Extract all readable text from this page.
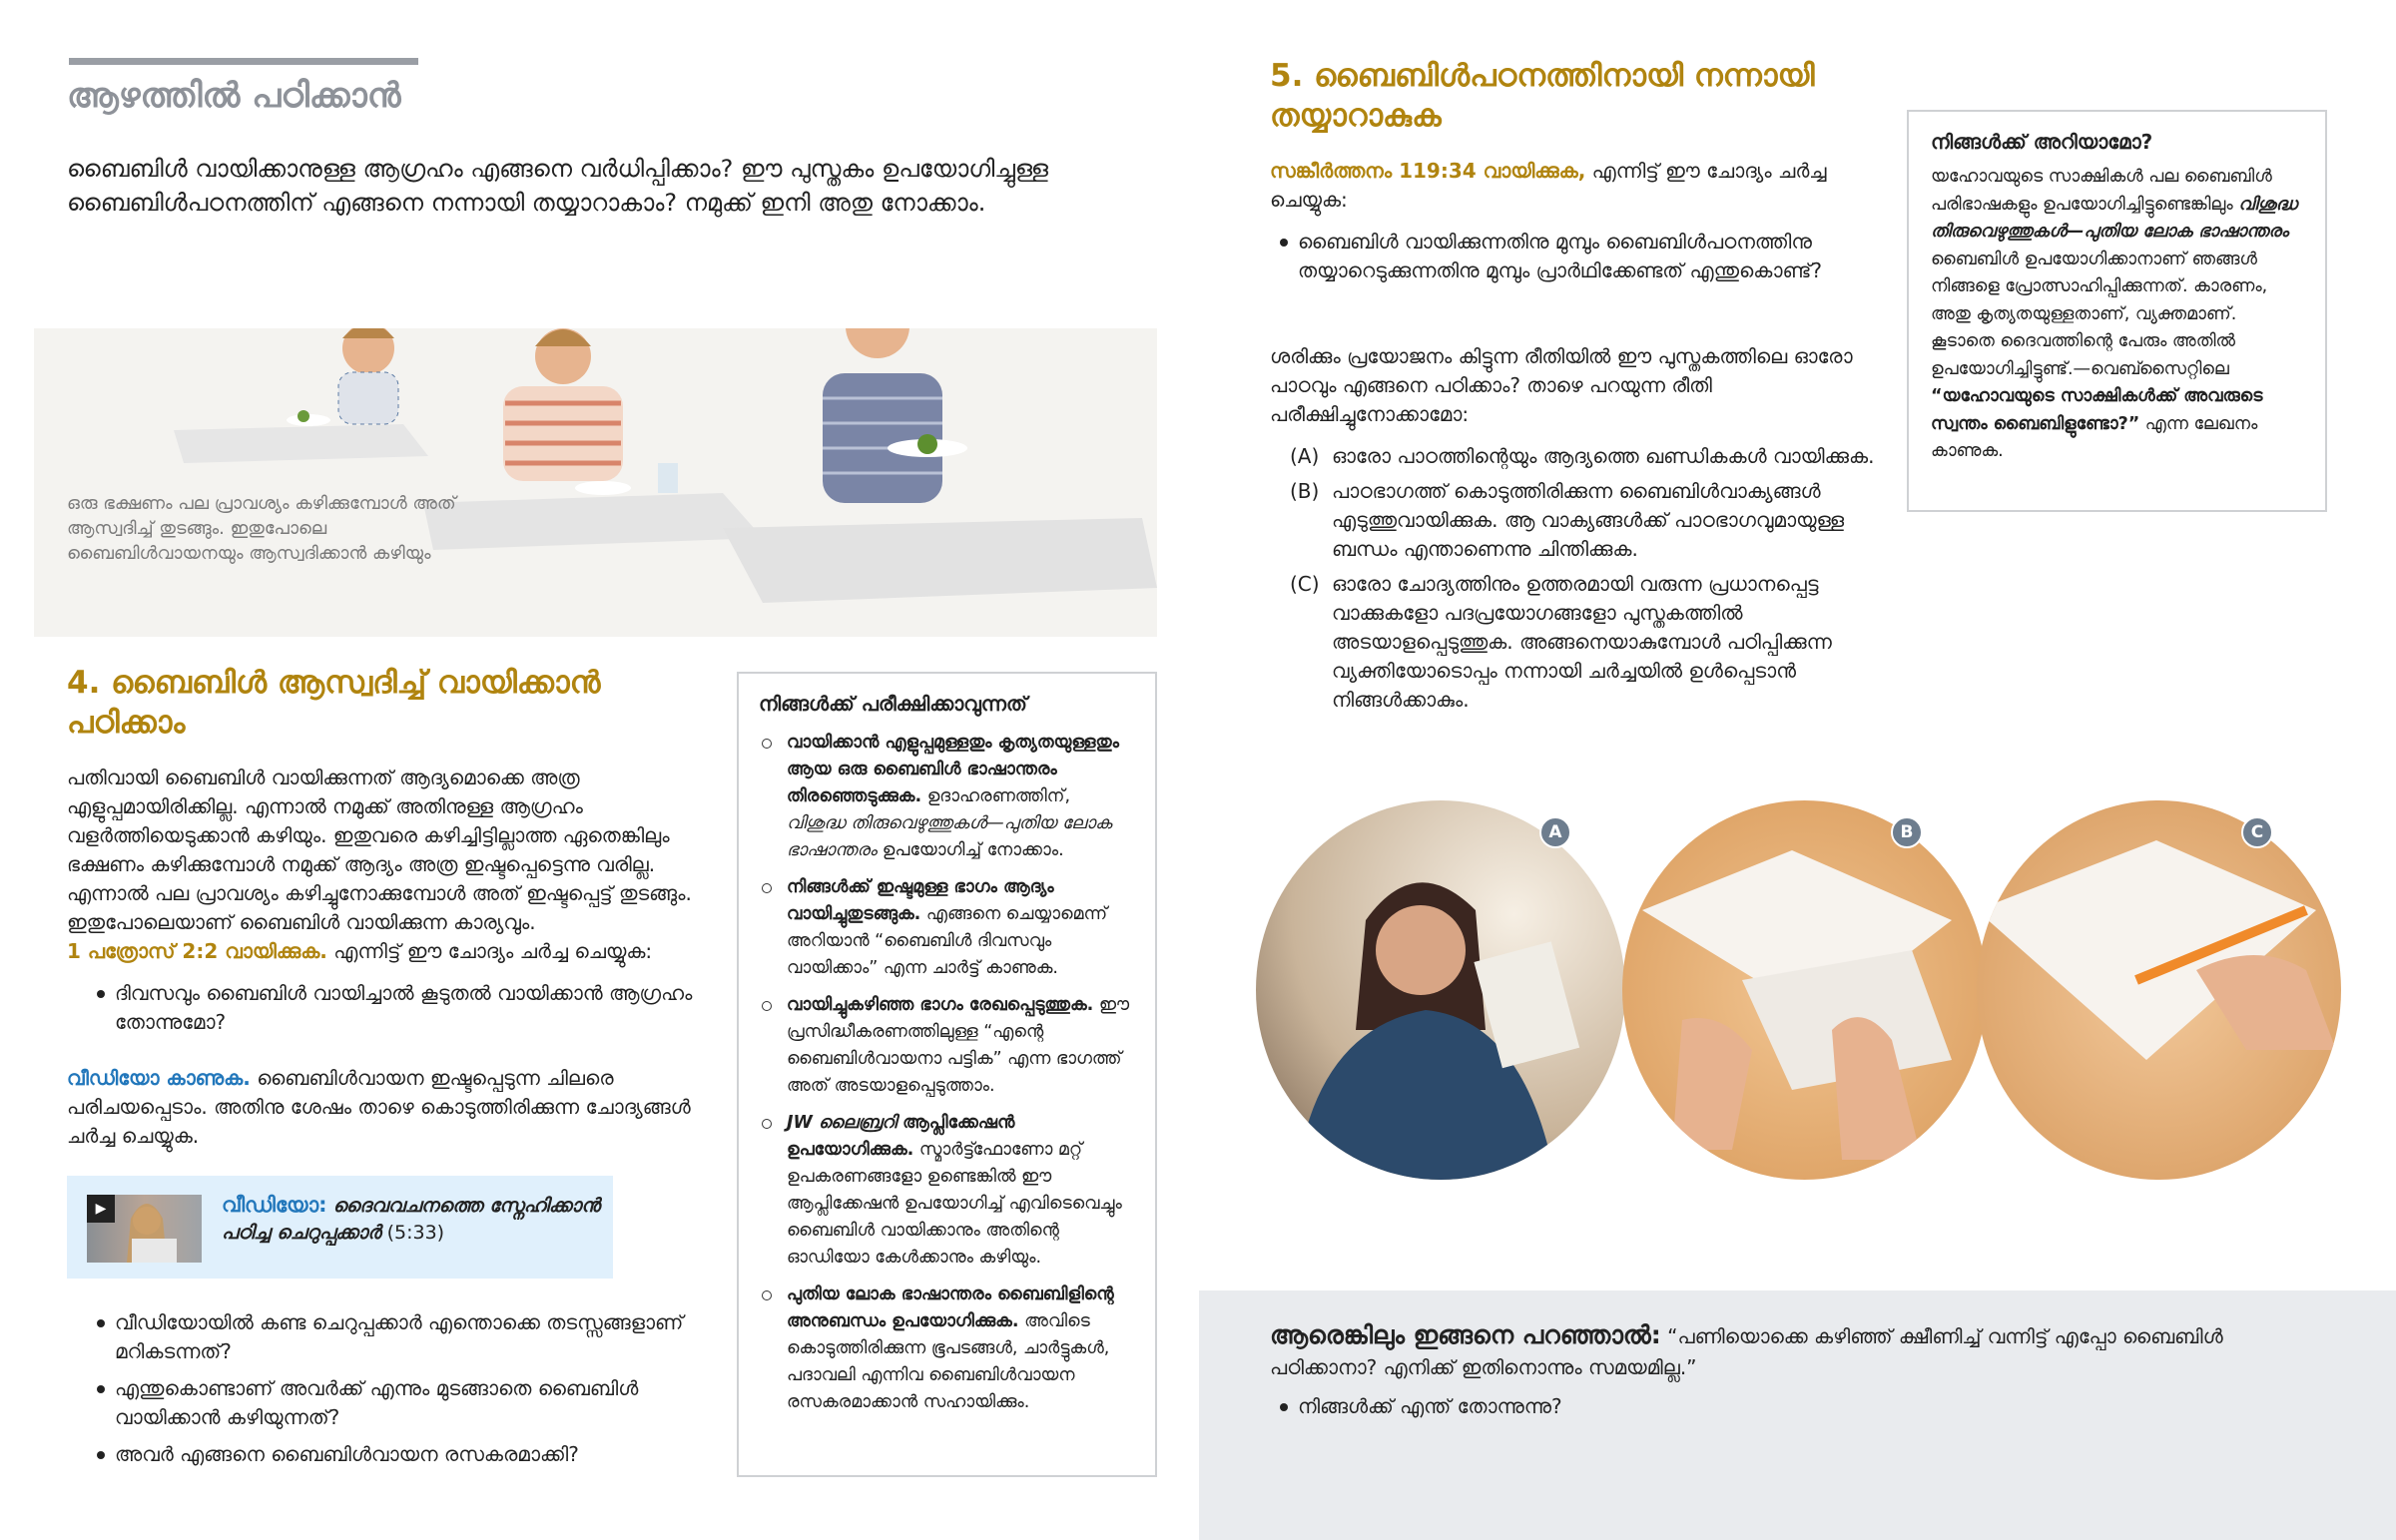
ആഴത്തിൽ പഠിക്കാൻ

ബൈബിൾ വായിക്കാനുള്ള ആഗ്രഹം എങ്ങനെ വർധിപ്പിക്കാം? ഈ പുസ്തകം ഉപയോഗിച്ചുള്ള ബൈബിൾപഠനത്തിന് എങ്ങനെ നന്നായി തയ്യാറാകാം? നമുക്ക് ഇനി അതു നോക്കാം.

ഒരു ഭക്ഷണം പല പ്രാവശ്യം കഴിക്കുമ്പോൾ അത് ആസ്വദിച്ച് തുടങ്ങും. ഇതുപോലെ ബൈബിൾവായനയും ആസ്വദിക്കാൻ കഴിയും

4. ബൈബിൾ ആസ്വദിച്ച് വായിക്കാൻ പഠിക്കാം

പതിവായി ബൈബിൾ വായിക്കുന്നത് ആദ്യമൊക്കെ അത്ര എളുപ്പമായിരിക്കില്ല. എന്നാൽ നമുക്ക് അതിനുള്ള ആഗ്രഹം വളർത്തിയെടുക്കാൻ കഴിയും. ഇതുവരെ കഴിച്ചിട്ടില്ലാത്ത ഏതെങ്കിലും ഭക്ഷണം കഴിക്കുമ്പോൾ നമുക്ക് ആദ്യം അത്ര ഇഷ്ടപ്പെട്ടെന്നു വരില്ല. എന്നാൽ പല പ്രാവശ്യം കഴിച്ചുനോക്കുമ്പോൾ അത് ഇഷ്ടപ്പെട്ട് തുടങ്ങും. ഇതുപോലെയാണ് ബൈബിൾ വായിക്കുന്ന കാര്യവും.
1 പത്രോസ് 2:2 വായിക്കുക. എന്നിട്ട് ഈ ചോദ്യം ചർച്ച ചെയ്യുക:

ദിവസവും ബൈബിൾ വായിച്ചാൽ കൂടുതൽ വായിക്കാൻ ആഗ്രഹം തോന്നുമോ?

വീഡിയോ കാണുക. ബൈബിൾവായന ഇഷ്ടപ്പെടുന്ന ചിലരെ പരിചയപ്പെടാം. അതിനു ശേഷം താഴെ കൊടുത്തിരിക്കുന്ന ചോദ്യങ്ങൾ ചർച്ച ചെയ്യുക.

▶	വീഡിയോ: ദൈവവചനത്തെ സ്നേഹിക്കാൻ പഠിച്ച ചെറുപ്പക്കാർ (5:33)
വീഡിയോയിൽ കണ്ട ചെറുപ്പക്കാർ എന്തൊക്കെ തടസ്സങ്ങളാണ് മറികടന്നത്?
എന്തുകൊണ്ടാണ് അവർക്ക് എന്നും മുടങ്ങാതെ ബൈബിൾ വായിക്കാൻ കഴിയുന്നത്?
അവർ എങ്ങനെ ബൈബിൾവായന രസകരമാക്കി?
നിങ്ങൾക്ക് പരീക്ഷിക്കാവുന്നത്
വായിക്കാൻ എളുപ്പമുള്ളതും കൃത്യതയുള്ളതും ആയ ഒരു ബൈബിൾ ഭാഷാന്തരം തിരഞ്ഞെടുക്കുക. ഉദാഹരണത്തിന്, വിശുദ്ധ തിരുവെഴുത്തുകൾ—പുതിയ ലോക ഭാഷാന്തരം ഉപയോഗിച്ച് നോക്കാം.
നിങ്ങൾക്ക് ഇഷ്ടമുള്ള ഭാഗം ആദ്യം വായിച്ചുതുടങ്ങുക. എങ്ങനെ ചെയ്യാമെന്ന് അറിയാൻ “ബൈബിൾ ദിവസവും വായിക്കാം” എന്ന ചാർട്ട് കാണുക.
വായിച്ചുകഴിഞ്ഞ ഭാഗം രേഖപ്പെടുത്തുക. ഈ പ്രസിദ്ധീകരണത്തിലുള്ള “എന്റെ ബൈബിൾവായനാ പട്ടിക” എന്ന ഭാഗത്ത് അത് അടയാളപ്പെടുത്താം.
JW ലൈബ്രറി ആപ്ലിക്കേഷൻ ഉപയോഗിക്കുക. സ്മാർട്ട്ഫോണോ മറ്റ് ഉപകരണങ്ങളോ ഉണ്ടെങ്കിൽ ഈ ആപ്ലിക്കേഷൻ ഉപയോഗിച്ച് എവിടെവെച്ചും ബൈബിൾ വായിക്കാനും അതിന്റെ ഓഡിയോ കേൾക്കാനും കഴിയും.
പുതിയ ലോക ഭാഷാന്തരം ബൈബിളിന്റെ അനുബന്ധം ഉപയോഗിക്കുക. അവിടെ കൊടുത്തിരിക്കുന്ന ഭൂപടങ്ങൾ, ചാർട്ടുകൾ, പദാവലി എന്നിവ ബൈബിൾവായന രസകരമാക്കാൻ സഹായിക്കും.
5. ബൈബിൾപഠനത്തിനായി നന്നായി തയ്യാറാകുക

സങ്കീർത്തനം 119:34 വായിക്കുക, എന്നിട്ട് ഈ ചോദ്യം ചർച്ച ചെയ്യുക:

ബൈബിൾ വായിക്കുന്നതിനു മുമ്പും ബൈബിൾപഠനത്തിനു തയ്യാറെടുക്കുന്നതിനു മുമ്പും പ്രാർഥിക്കേണ്ടത് എന്തുകൊണ്ട്?

ശരിക്കും പ്രയോജനം കിട്ടുന്ന രീതിയിൽ ഈ പുസ്തകത്തിലെ ഓരോ പാഠവും എങ്ങനെ പഠിക്കാം? താഴെ പറയുന്ന രീതി പരീക്ഷിച്ചുനോക്കാമോ:

(A) ഓരോ പാഠത്തിന്റെയും ആദ്യത്തെ ഖണ്ഡികകൾ വായിക്കുക.
(B) പാഠഭാഗത്ത് കൊടുത്തിരിക്കുന്ന ബൈബിൾവാക്യങ്ങൾ എടുത്തുവായിക്കുക. ആ വാക്യങ്ങൾക്ക് പാഠഭാഗവുമായുള്ള ബന്ധം എന്താണെന്നു ചിന്തിക്കുക.
(C) ഓരോ ചോദ്യത്തിനും ഉത്തരമായി വരുന്ന പ്രധാനപ്പെട്ട വാക്കുകളോ പദപ്രയോഗങ്ങളോ പുസ്തകത്തിൽ അടയാളപ്പെടുത്തുക. അങ്ങനെയാകുമ്പോൾ പഠിപ്പിക്കുന്ന വ്യക്തിയോടൊപ്പം നന്നായി ചർച്ചയിൽ ഉൾപ്പെടാൻ നിങ്ങൾക്കാകും.
A	B	C
നിങ്ങൾക്ക് അറിയാമോ?

യഹോവയുടെ സാക്ഷികൾ പല ബൈബിൾ പരിഭാഷകളും ഉപയോഗിച്ചിട്ടുണ്ടെങ്കിലും വിശുദ്ധ തിരുവെഴുത്തുകൾ—പുതിയ ലോക ഭാഷാന്തരം ബൈബിൾ ഉപയോഗിക്കാനാണ് ഞങ്ങൾ നിങ്ങളെ പ്രോത്സാഹിപ്പിക്കുന്നത്. കാരണം, അതു കൃത്യതയുള്ളതാണ്, വ്യക്തമാണ്. കൂടാതെ ദൈവത്തിന്റെ പേരും അതിൽ ഉപയോഗിച്ചിട്ടുണ്ട്.—വെബ്സൈറ്റിലെ “യഹോവയുടെ സാക്ഷികൾക്ക് അവരുടെ സ്വന്തം ബൈബിളുണ്ടോ?” എന്ന ലേഖനം കാണുക.

ആരെങ്കിലും ഇങ്ങനെ പറഞ്ഞാൽ: “പണിയൊക്കെ കഴിഞ്ഞ് ക്ഷീണിച്ച് വന്നിട്ട് എപ്പോ ബൈബിൾ പഠിക്കാനാ? എനിക്ക് ഇതിനൊന്നും സമയമില്ല.”

നിങ്ങൾക്ക് എന്ത് തോന്നുന്നു?
